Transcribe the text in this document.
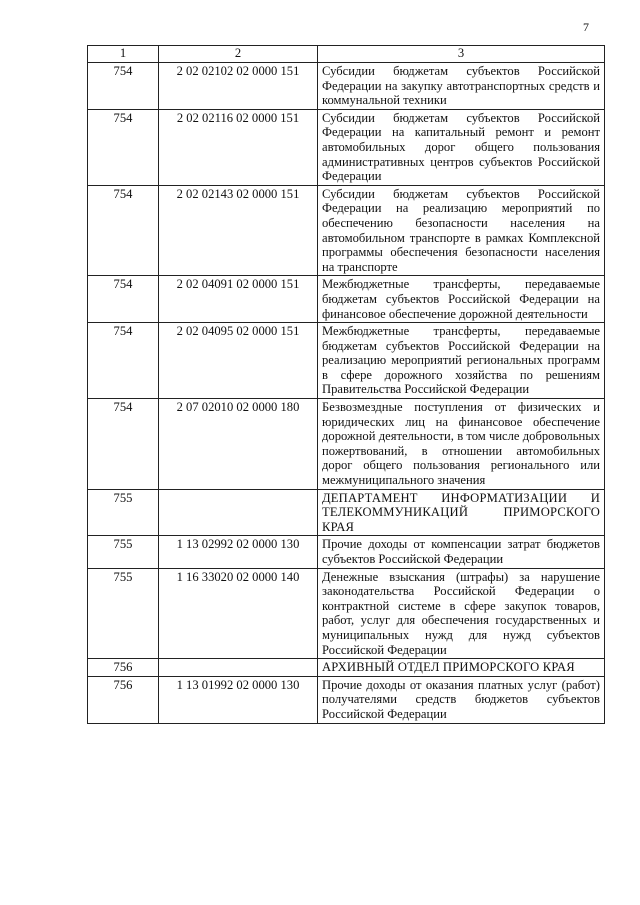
7
1	2	3
754	2 02 02102 02 0000 151	Субсидии бюджетам субъектов Российской Федерации на закупку автотранспортных средств и коммунальной техники
754	2 02 02116 02 0000 151	Субсидии бюджетам субъектов Российской Федерации на капитальный ремонт и ремонт автомобильных дорог общего пользования административных центров субъектов Российской Федерации
754	2 02 02143 02 0000 151	Субсидии бюджетам субъектов Российской Федерации на реализацию мероприятий по обеспечению безопасности населения на автомобильном транспорте в рамках Комплексной программы обеспечения безопасности населения на транспорте
754	2 02 04091 02 0000 151	Межбюджетные трансферты, передаваемые бюджетам субъектов Российской Федерации на финансовое обеспечение дорожной деятельности
754	2 02 04095 02 0000 151	Межбюджетные трансферты, передаваемые бюджетам субъектов Российской Федерации на реализацию мероприятий региональных программ в сфере дорожного хозяйства по решениям Правительства Российской Федерации
754	2 07 02010 02 0000 180	Безвозмездные поступления от физических и юридических лиц на финансовое обеспечение дорожной деятельности, в том числе добровольных пожертвований, в отношении автомобильных дорог общего пользования регионального или межмуниципального значения
755		ДЕПАРТАМЕНТ ИНФОРМАТИЗАЦИИ И ТЕЛЕКОММУНИКАЦИЙ ПРИМОРСКОГО КРАЯ
755	1 13 02992 02 0000 130	Прочие доходы от компенсации затрат бюджетов субъектов Российской Федерации
755	1 16 33020 02 0000 140	Денежные взыскания (штрафы) за нарушение законодательства Российской Федерации о контрактной системе в сфере закупок товаров, работ, услуг для обеспечения государственных и муниципальных нужд для нужд субъектов Российской Федерации
756		АРХИВНЫЙ ОТДЕЛ ПРИМОРСКОГО КРАЯ
756	1 13 01992 02 0000 130	Прочие доходы от оказания платных услуг (работ) получателями средств бюджетов субъектов Российской Федерации
